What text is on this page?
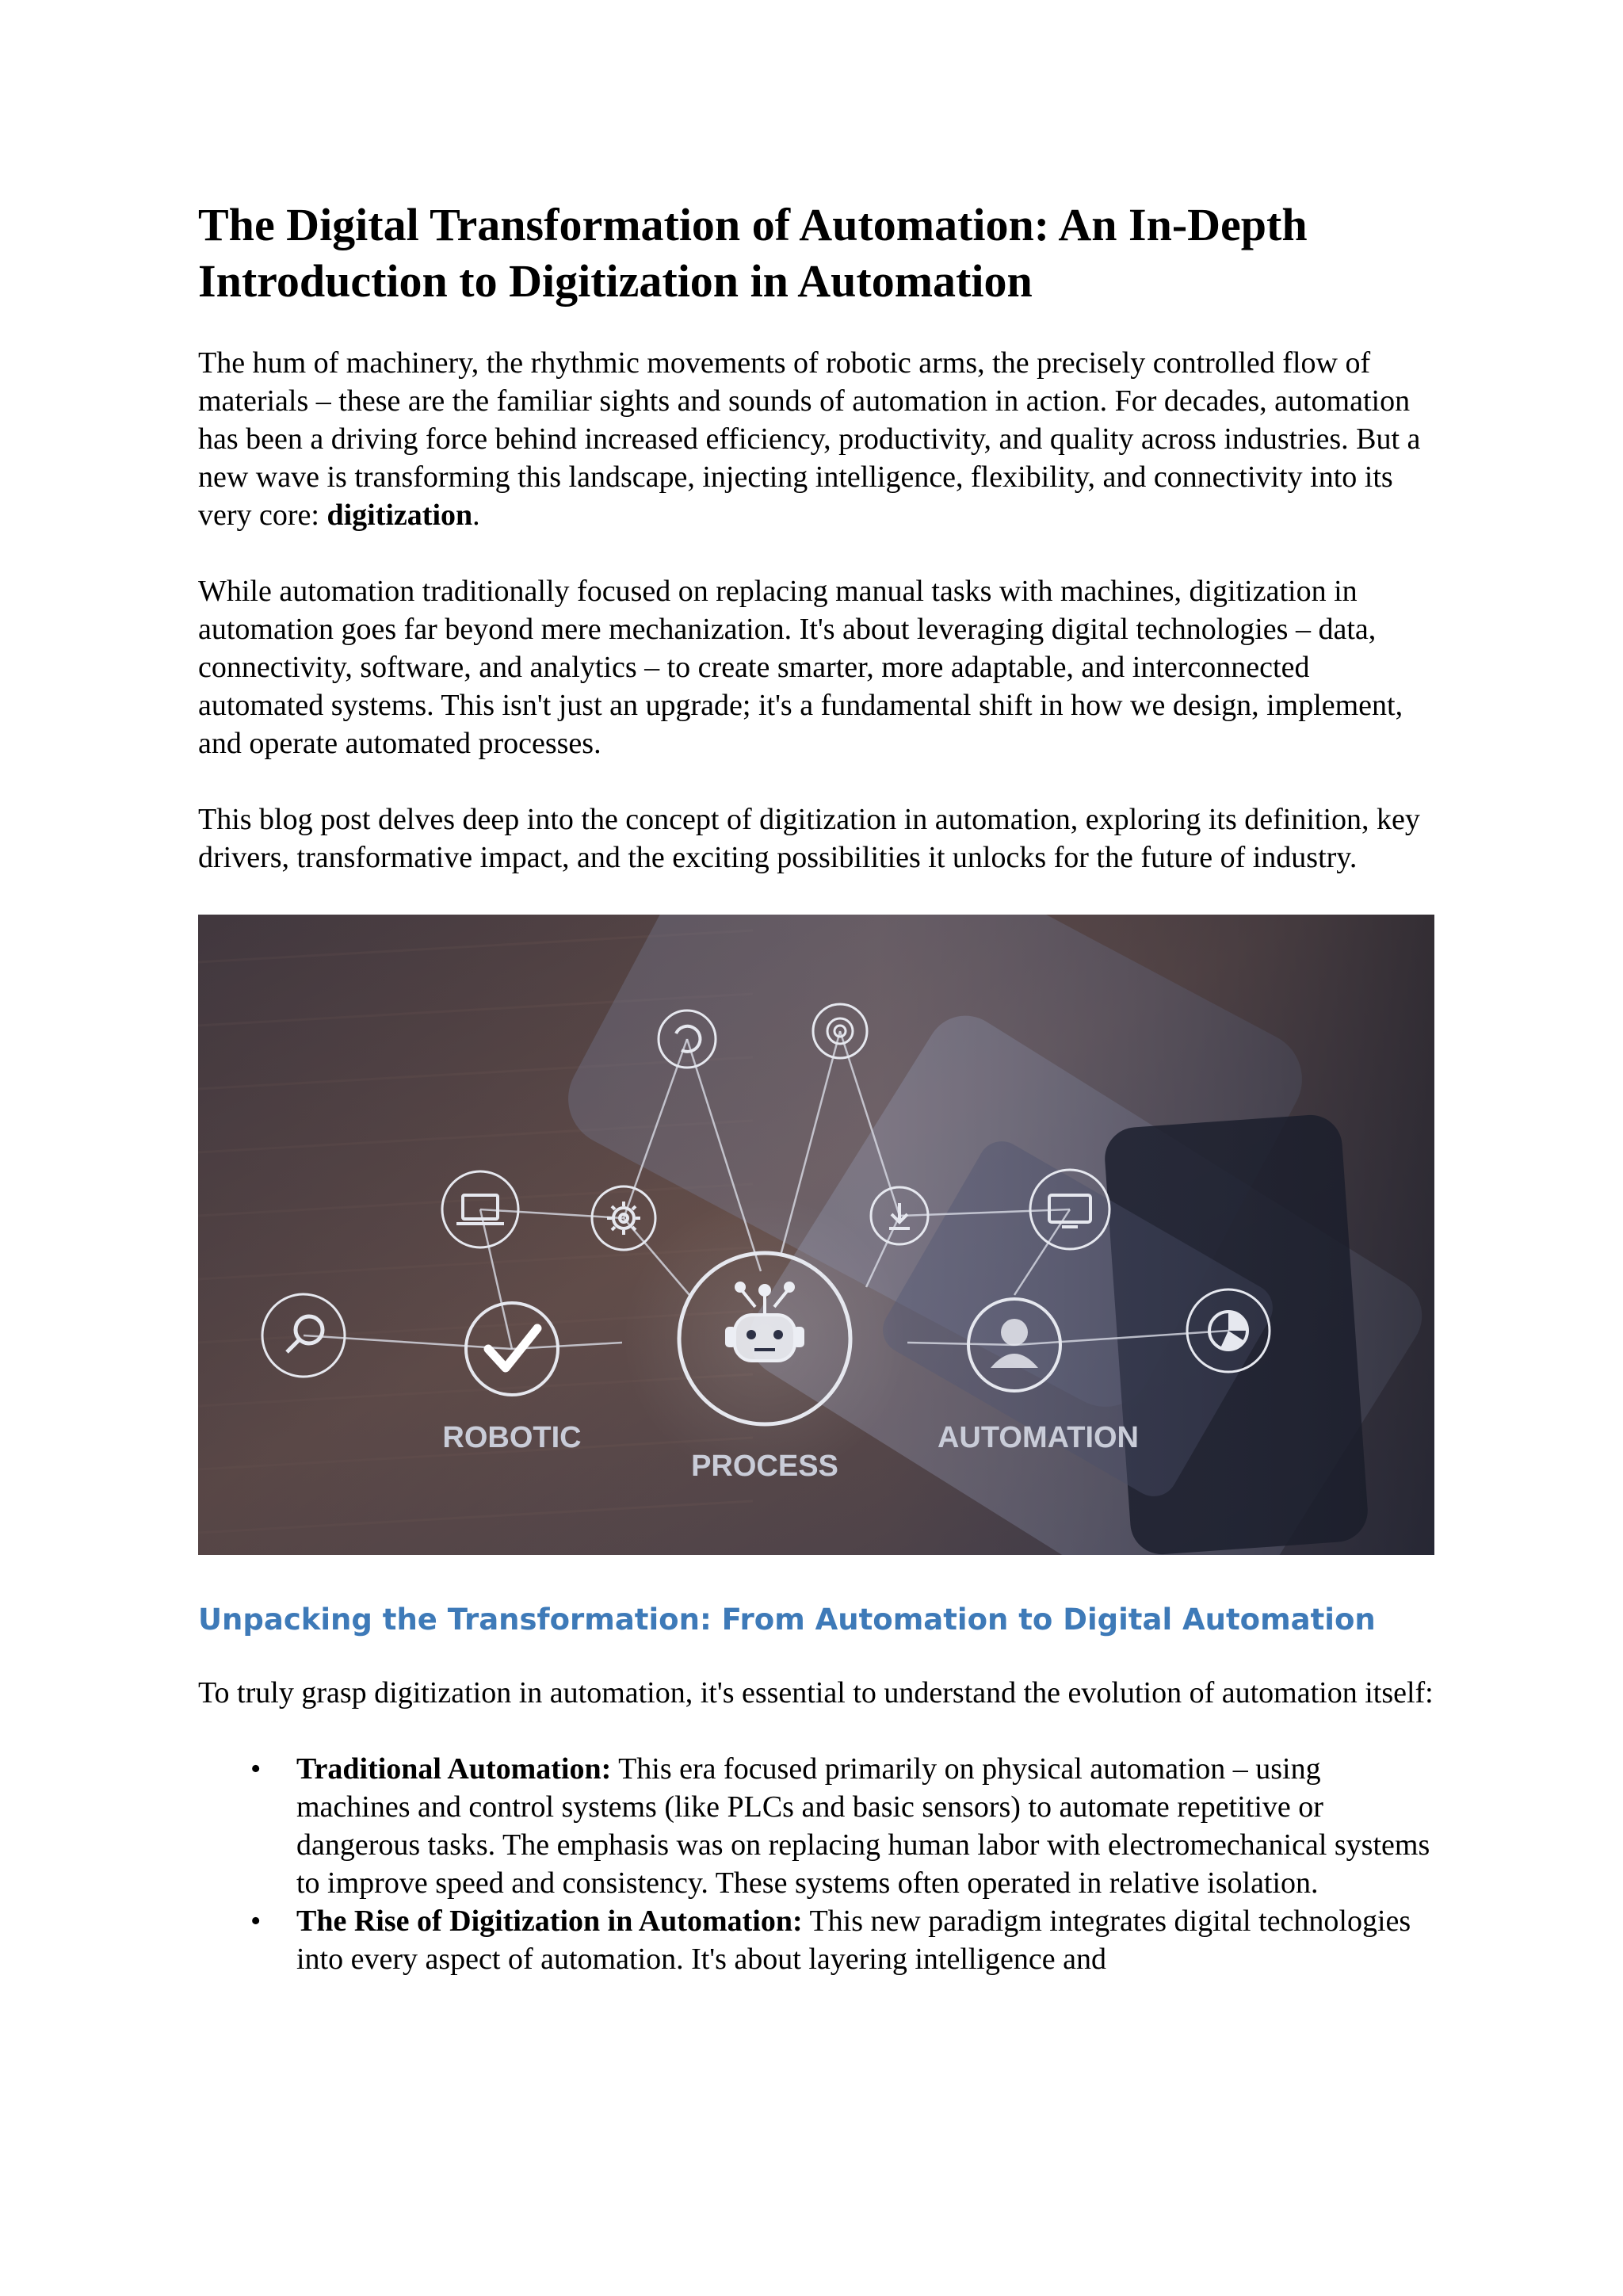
The Digital Transformation of Automation: An In-Depth Introduction to Digitization in Automation

The hum of machinery, the rhythmic movements of robotic arms, the precisely controlled flow of materials – these are the familiar sights and sounds of automation in action. For decades, automation has been a driving force behind increased efficiency, productivity, and quality across industries. But a new wave is transforming this landscape, injecting intelligence, flexibility, and connectivity into its very core: digitization.

While automation traditionally focused on replacing manual tasks with machines, digitization in automation goes far beyond mere mechanization. It's about leveraging digital technologies – data, connectivity, software, and analytics – to create smarter, more adaptable, and interconnected automated systems. This isn't just an upgrade; it's a fundamental shift in how we design, implement, and operate automated processes.

This blog post delves deep into the concept of digitization in automation, exploring its definition, key drivers, transformative impact, and the exciting possibilities it unlocks for the future of industry.

ROBOTIC
PROCESS
AUTOMATION
Unpacking the Transformation: From Automation to Digital Automation

To truly grasp digitization in automation, it's essential to understand the evolution of automation itself:

• Traditional Automation: This era focused primarily on physical automation – using machines and control systems (like PLCs and basic sensors) to automate repetitive or dangerous tasks. The emphasis was on replacing human labor with electromechanical systems to improve speed and consistency. These systems often operated in relative isolation.
• The Rise of Digitization in Automation: This new paradigm integrates digital technologies into every aspect of automation. It's about layering intelligence and
